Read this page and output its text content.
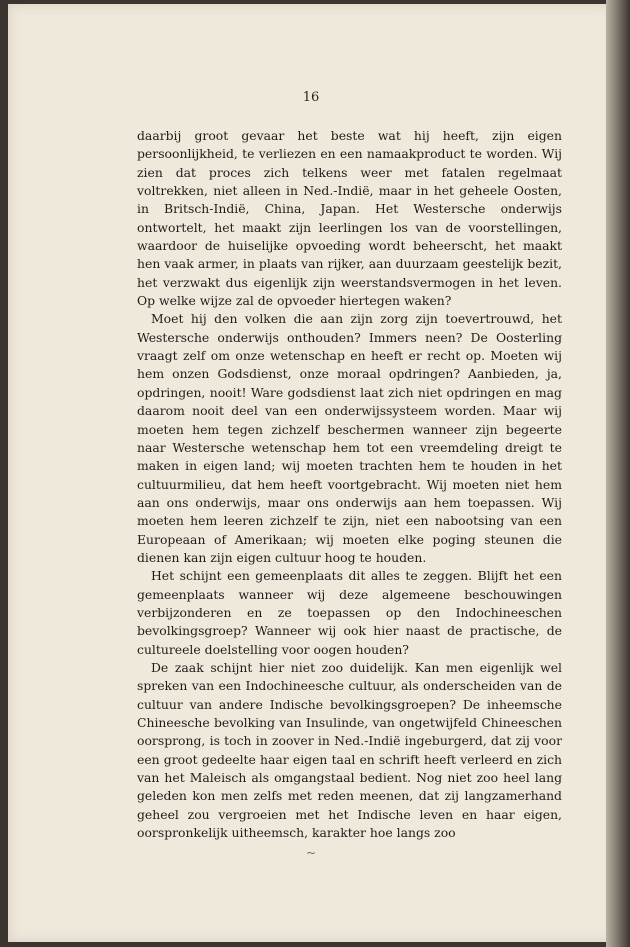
16

daarbij groot gevaar het beste wat hij heeft, zijn eigen persoonlijkheid, te verliezen en een namaakproduct te worden. Wij zien dat proces zich telkens weer met fatalen regelmaat voltrekken, niet alleen in Ned.-Indië, maar in het geheele Oosten, in Britsch-Indië, China, Japan. Het Westersche onderwijs ontwortelt, het maakt zijn leerlingen los van de voorstellingen, waardoor de huiselijke opvoeding wordt beheerscht, het maakt hen vaak armer, in plaats van rijker, aan duurzaam geestelijk bezit, het verzwakt dus eigenlijk zijn weerstandsvermogen in het leven. Op welke wijze zal de opvoeder hiertegen waken?

Moet hij den volken die aan zijn zorg zijn toevertrouwd, het Westersche onderwijs onthouden? Immers neen? De Oosterling vraagt zelf om onze wetenschap en heeft er recht op. Moeten wij hem onzen Godsdienst, onze moraal opdringen? Aanbieden, ja, opdringen, nooit! Ware godsdienst laat zich niet opdringen en mag daarom nooit deel van een onderwijssysteem worden. Maar wij moeten hem tegen zichzelf beschermen wanneer zijn begeerte naar Westersche wetenschap hem tot een vreemdeling dreigt te maken in eigen land; wij moeten trachten hem te houden in het cultuurmilieu, dat hem heeft voortgebracht. Wij moeten niet hem aan ons onderwijs, maar ons onderwijs aan hem toepassen. Wij moeten hem leeren zichzelf te zijn, niet een nabootsing van een Europeaan of Amerikaan; wij moeten elke poging steunen die dienen kan zijn eigen cultuur hoog te houden.

Het schijnt een gemeenplaats dit alles te zeggen. Blijft het een gemeenplaats wanneer wij deze algemeene beschouwingen verbijzonderen en ze toepassen op den Indochineeschen bevolkingsgroep? Wanneer wij ook hier naast de practische, de cultureele doelstelling voor oogen houden?

De zaak schijnt hier niet zoo duidelijk. Kan men eigenlijk wel spreken van een Indochineesche cultuur, als onderscheiden van de cultuur van andere Indische bevolkingsgroepen? De inheemsche Chineesche bevolking van Insulinde, van ongetwijfeld Chineeschen oorsprong, is toch in zoover in Ned.-Indië ingeburgerd, dat zij voor een groot gedeelte haar eigen taal en schrift heeft verleerd en zich van het Maleisch als omgangstaal bedient. Nog niet zoo heel lang geleden kon men zelfs met reden meenen, dat zij langzamerhand geheel zou vergroeien met het Indische leven en haar eigen, oorspronkelijk uitheemsch, karakter hoe langs zoo

~
